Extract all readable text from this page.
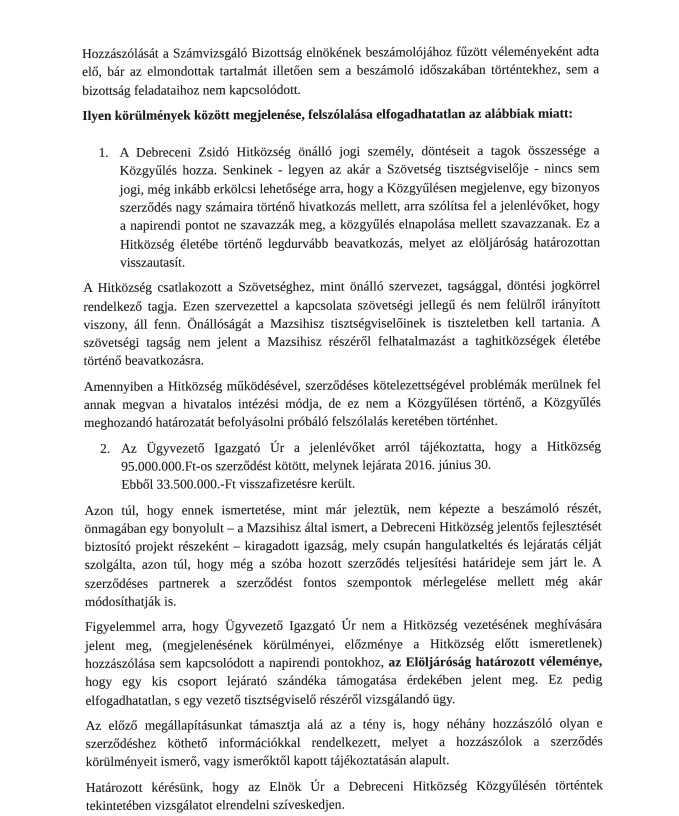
Hozzászólását a Számvizsgáló Bizottság elnökének beszámolójához fűzött véleményeként adta elő, bár az elmondottak tartalmát illetően sem a beszámoló időszakában történtekhez, sem a bizottság feladataihoz nem kapcsolódott.
Ilyen körülmények között megjelenése, felszólalása elfogadhatatlan az alábbiak miatt:
1. A Debreceni Zsidó Hitközség önálló jogi személy, döntéseit a tagok összessége a Közgyűlés hozza. Senkinek - legyen az akár a Szövetség tisztségviselője - nincs sem jogi, még inkább erkölcsi lehetősége arra, hogy a Közgyűlésen megjelenve, egy bizonyos szerződés nagy számaira történő hivatkozás mellett, arra szólítsa fel a jelenlévőket, hogy a napirendi pontot ne szavazzák meg, a közgyűlés elnapolása mellett szavazzanak. Ez a Hitközség életébe történő legdurvább beavatkozás, melyet az elöljáróság határozottan visszautasít.
A Hitközség csatlakozott a Szövetséghez, mint önálló szervezet, tagsággal, döntési jogkörrel rendelkező tagja. Ezen szervezettel a kapcsolata szövetségi jellegű és nem felülről irányított viszony, áll fenn. Önállóságát a Mazsihisz tisztségviselőinek is tiszteletben kell tartania. A szövetségi tagság nem jelent a Mazsihisz részéről felhatalmazást a taghitközségek életébe történő beavatkozásra.
Amennyiben a Hitközség működésével, szerződéses kötelezettségével problémák merülnek fel annak megvan a hivatalos intézési módja, de ez nem a Közgyűlésen történő, a Közgyűlés meghozandó határozatát befolyásolni próbáló felszólalás keretében történhet.
2. Az Ügyvezető Igazgató Úr a jelenlévőket arról tájékoztatta, hogy a Hitközség 95.000.000.Ft-os szerződést kötött, melynek lejárata 2016. június 30.
Ebből 33.500.000.-Ft visszafizetésre került.
Azon túl, hogy ennek ismertetése, mint már jeleztük, nem képezte a beszámoló részét, önmagában egy bonyolult – a Mazsihisz által ismert, a Debreceni Hitközség jelentős fejlesztését biztosító projekt részeként – kiragadott igazság, mely csupán hangulatkeltés és lejáratás célját szolgálta, azon túl, hogy még a szóba hozott szerződés teljesítési határideje sem járt le. A szerződéses partnerek a szerződést fontos szempontok mérlegelése mellett még akár módosíthatják is.
Figyelemmel arra, hogy Ügyvezető Igazgató Úr nem a Hitközség vezetésének meghívására jelent meg, (megjelenésének körülményei, előzménye a Hitközség előtt ismeretlenek) hozzászólása sem kapcsolódott a napirendi pontokhoz, az Elöljáróság határozott véleménye, hogy egy kis csoport lejárató szándéka támogatása érdekében jelent meg. Ez pedig elfogadhatatlan, s egy vezető tisztségviselő részéről vizsgálandó ügy.
Az előző megállapításunkat támasztja alá az a tény is, hogy néhány hozzászóló olyan e szerződéshez köthető információkkal rendelkezett, melyet a hozzászólok a szerződés körülményeit ismerő, vagy ismerőktől kapott tájékoztatásán alapult.
Határozott kérésünk, hogy az Elnök Úr a Debreceni Hitközség Közgyűlésén történtek tekintetében vizsgálatot elrendelni szíveskedjen.
